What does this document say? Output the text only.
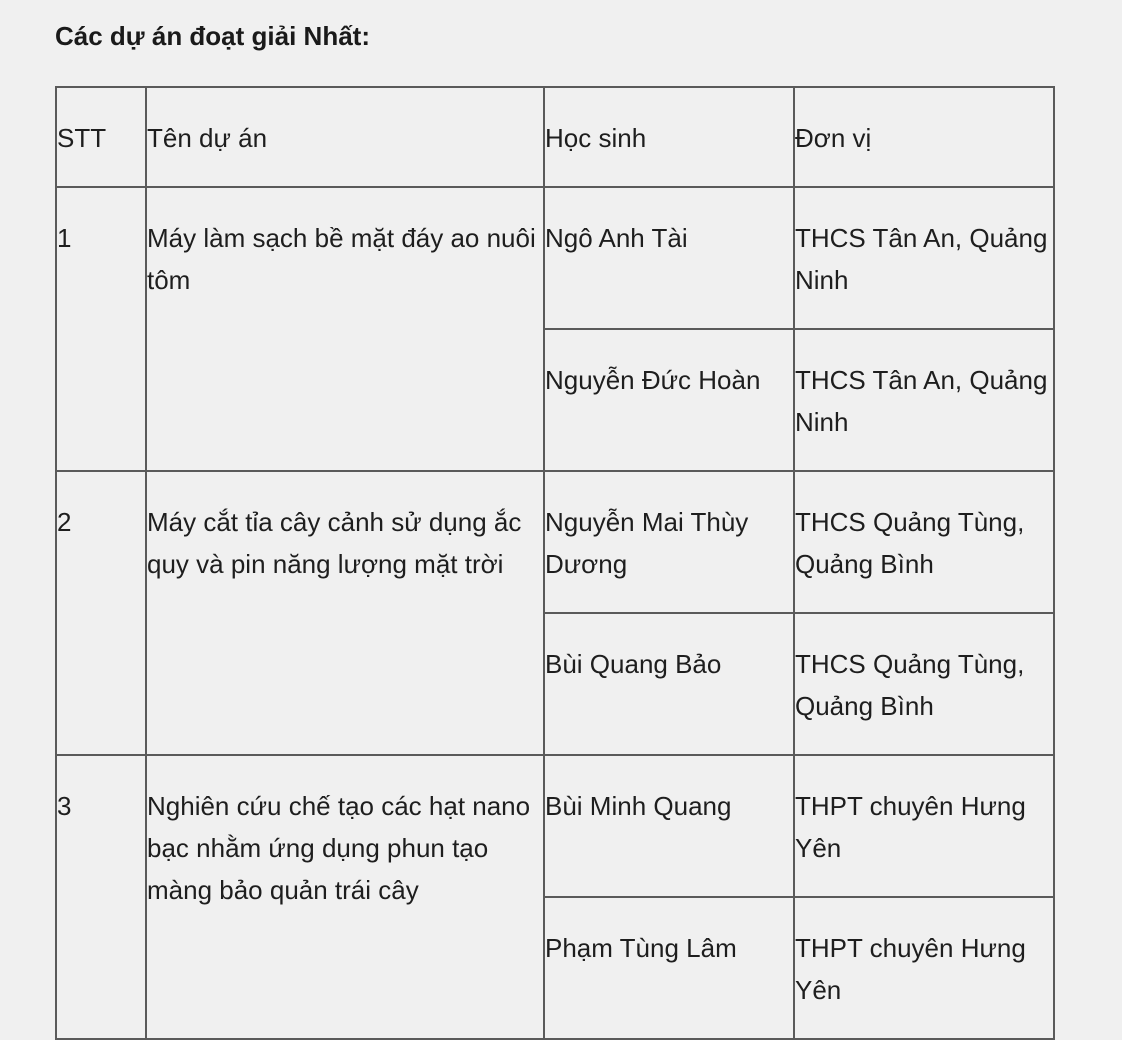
Các dự án đoạt giải Nhất:
STT	Tên dự án	Học sinh	Đơn vị
1	Máy làm sạch bề mặt đáy ao nuôi tôm	Ngô Anh Tài	THCS Tân An, Quảng Ninh
		Nguyễn Đức Hoàn	THCS Tân An, Quảng Ninh
2	Máy cắt tỉa cây cảnh sử dụng ắc quy và pin năng lượng mặt trời	Nguyễn Mai Thùy Dương	THCS Quảng Tùng, Quảng Bình
		Bùi Quang Bảo	THCS Quảng Tùng, Quảng Bình
3	Nghiên cứu chế tạo các hạt nano bạc nhằm ứng dụng phun tạo màng bảo quản trái cây	Bùi Minh Quang	THPT chuyên Hưng Yên
		Phạm Tùng Lâm	THPT chuyên Hưng Yên
